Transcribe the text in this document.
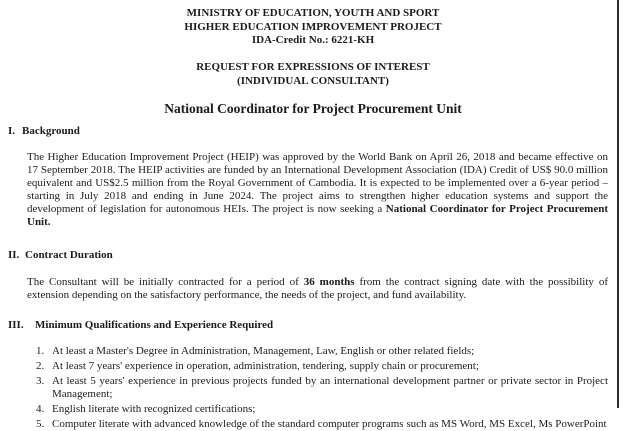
MINISTRY OF EDUCATION, YOUTH AND SPORT
HIGHER EDUCATION IMPROVEMENT PROJECT
IDA-Credit No.: 6221-KH
REQUEST FOR EXPRESSIONS OF INTEREST
(INDIVIDUAL CONSULTANT)
National Coordinator for Project Procurement Unit
I. Background
The Higher Education Improvement Project (HEIP) was approved by the World Bank on April 26, 2018 and became effective on 17 September 2018. The HEIP activities are funded by an International Development Association (IDA) Credit of US$ 90.0 million equivalent and US$2.5 million from the Royal Government of Cambodia. It is expected to be implemented over a 6-year period – starting in July 2018 and ending in June 2024. The project aims to strengthen higher education systems and support the development of legislation for autonomous HEIs. The project is now seeking a National Coordinator for Project Procurement Unit.
II. Contract Duration
The Consultant will be initially contracted for a period of 36 months from the contract signing date with the possibility of extension depending on the satisfactory performance, the needs of the project, and fund availability.
III. Minimum Qualifications and Experience Required
1. At least a Master's Degree in Administration, Management, Law, English or other related fields;
2. At least 7 years' experience in operation, administration, tendering, supply chain or procurement;
3. At least 5 years' experience in previous projects funded by an international development partner or private sector in Project Management;
4. English literate with recognized certifications;
5. Computer literate with advanced knowledge of the standard computer programs such as MS Word, MS Excel, Ms PowerPoint
